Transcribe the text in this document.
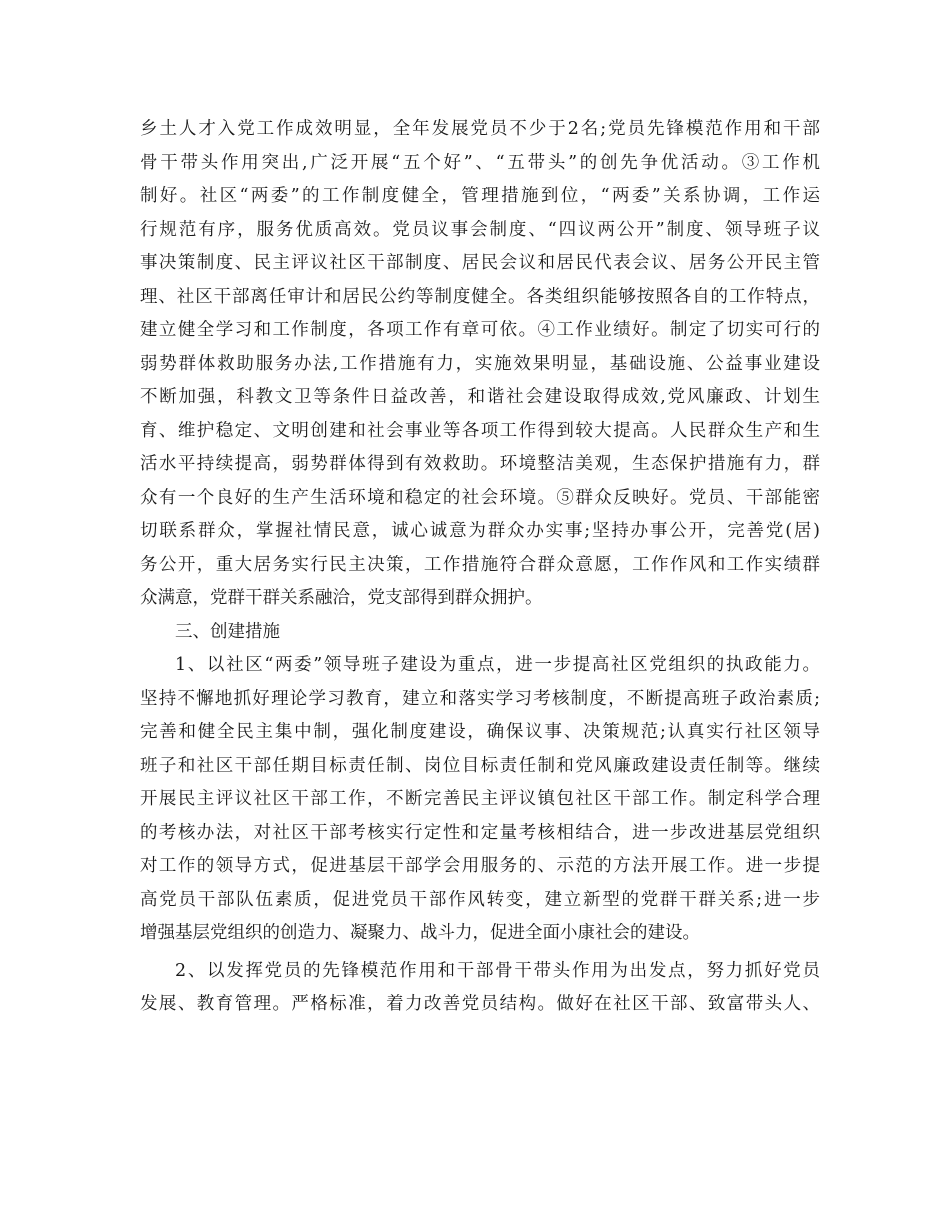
乡土人才入党工作成效明显，全年发展党员不少于2名;党员先锋模范作用和干部
骨干带头作用突出,广泛开展“五个好”、“五带头”的创先争优活动。③工作机
制好。社区“两委”的工作制度健全，管理措施到位，“两委”关系协调，工作运
行规范有序，服务优质高效。党员议事会制度、“四议两公开”制度、领导班子议
事决策制度、民主评议社区干部制度、居民会议和居民代表会议、居务公开民主管
理、社区干部离任审计和居民公约等制度健全。各类组织能够按照各自的工作特点，
建立健全学习和工作制度，各项工作有章可依。④工作业绩好。制定了切实可行的
弱势群体救助服务办法,工作措施有力，实施效果明显，基础设施、公益事业建设
不断加强，科教文卫等条件日益改善，和谐社会建设取得成效,党风廉政、计划生
育、维护稳定、文明创建和社会事业等各项工作得到较大提高。人民群众生产和生
活水平持续提高，弱势群体得到有效救助。环境整洁美观，生态保护措施有力，群
众有一个良好的生产生活环境和稳定的社会环境。⑤群众反映好。党员、干部能密
切联系群众，掌握社情民意，诚心诚意为群众办实事;坚持办事公开，完善党(居)
务公开，重大居务实行民主决策，工作措施符合群众意愿，工作作风和工作实绩群
众满意，党群干群关系融洽，党支部得到群众拥护。
三、创建措施
1、以社区“两委”领导班子建设为重点，进一步提高社区党组织的执政能力。
坚持不懈地抓好理论学习教育，建立和落实学习考核制度，不断提高班子政治素质;
完善和健全民主集中制，强化制度建设，确保议事、决策规范;认真实行社区领导
班子和社区干部任期目标责任制、岗位目标责任制和党风廉政建设责任制等。继续
开展民主评议社区干部工作，不断完善民主评议镇包社区干部工作。制定科学合理
的考核办法，对社区干部考核实行定性和定量考核相结合，进一步改进基层党组织
对工作的领导方式，促进基层干部学会用服务的、示范的方法开展工作。进一步提
高党员干部队伍素质，促进党员干部作风转变，建立新型的党群干群关系;进一步
增强基层党组织的创造力、凝聚力、战斗力，促进全面小康社会的建设。
2、以发挥党员的先锋模范作用和干部骨干带头作用为出发点，努力抓好党员
发展、教育管理。严格标准，着力改善党员结构。做好在社区干部、致富带头人、
